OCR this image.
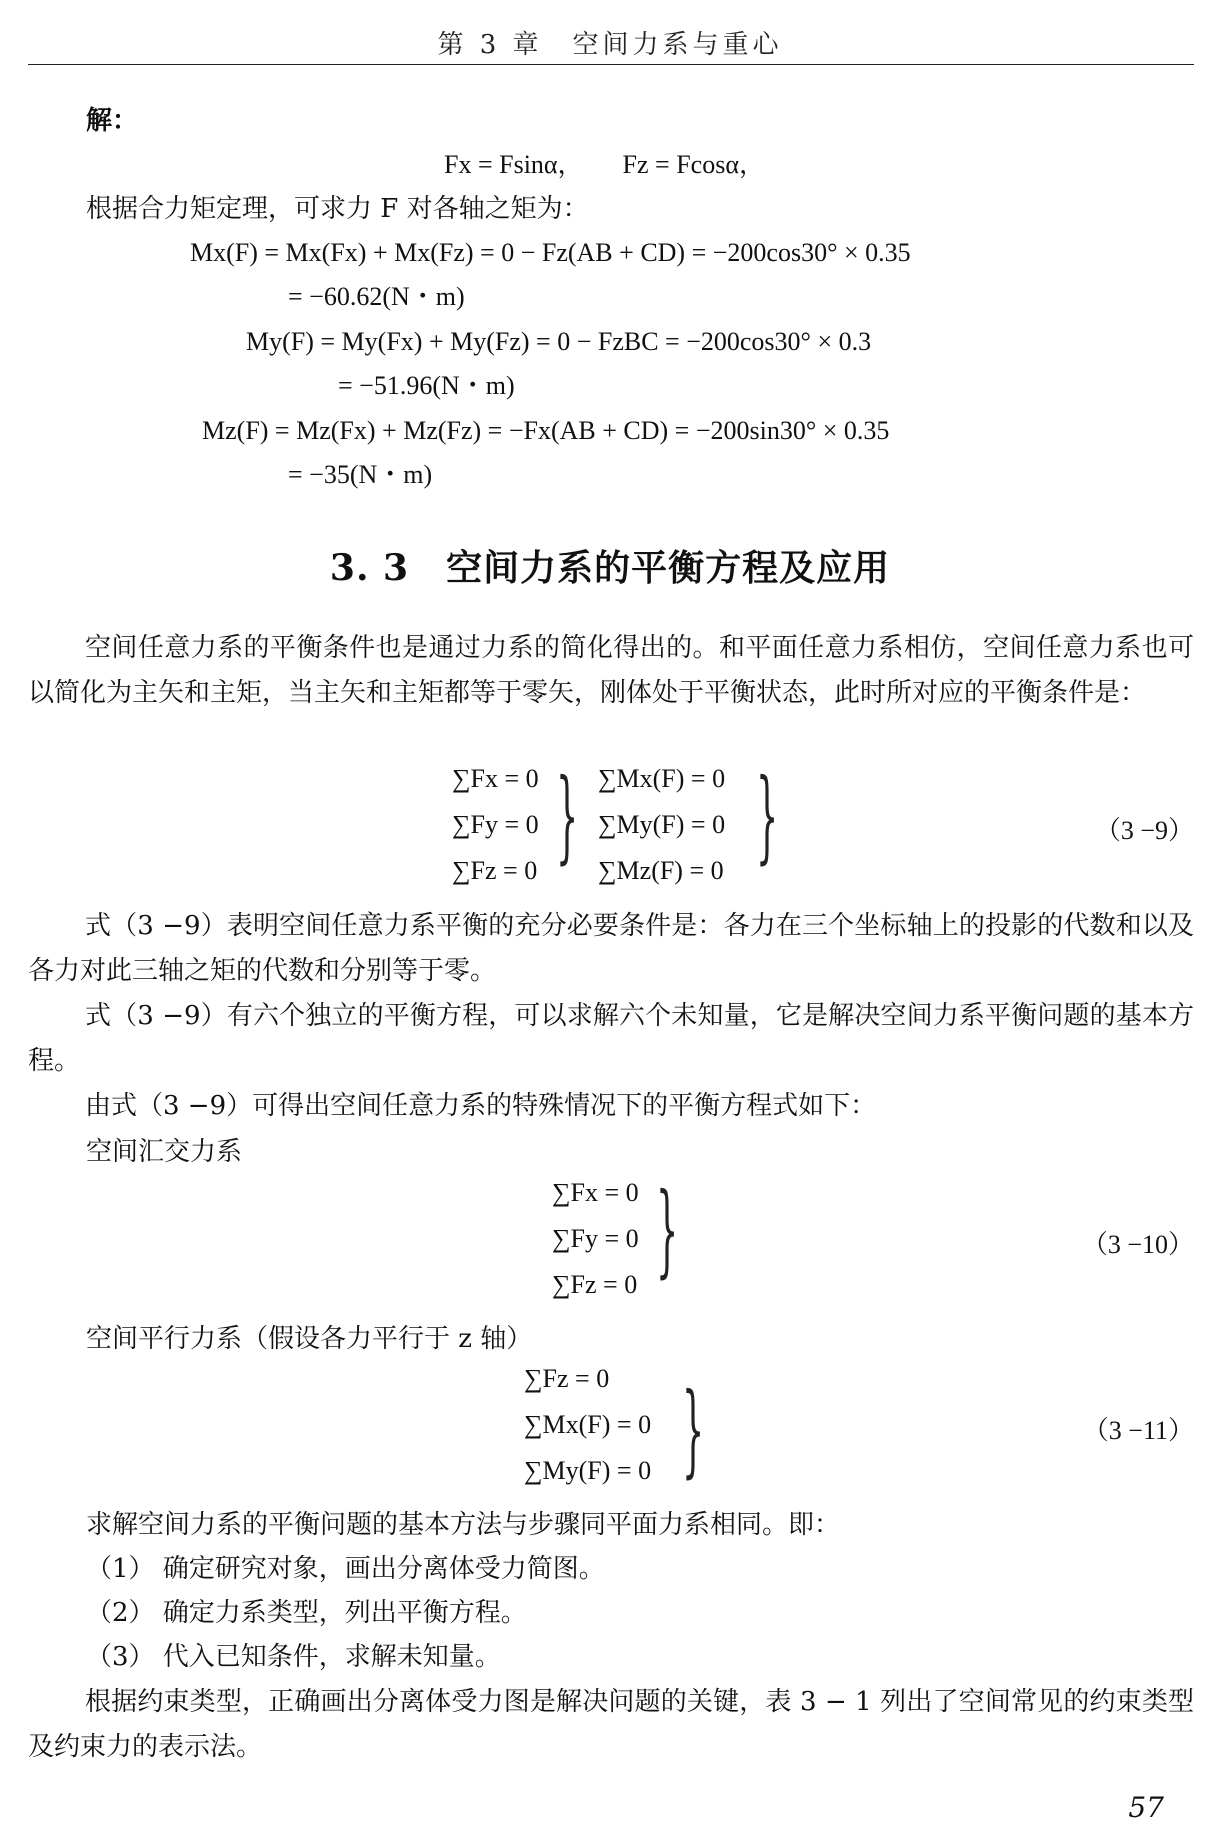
第 3 章　空间力系与重心
解：
Fx = Fsinα，　　Fz = Fcosα，
根据合力矩定理，可求力 F 对各轴之矩为：
Mx(F) = Mx(Fx) + Mx(Fz) = 0 − Fz(AB + CD) = −200cos30° × 0.35
= −60.62(N・m)
My(F) = My(Fx) + My(Fz) = 0 − FzBC = −200cos30° × 0.3
= −51.96(N・m)
Mz(F) = Mz(Fx) + Mz(Fz) = −Fx(AB + CD) = −200sin30° × 0.35
= −35(N・m)
3. 3　空间力系的平衡方程及应用

空间任意力系的平衡条件也是通过力系的简化得出的。和平面任意力系相仿，空间任意力系也可以简化为主矢和主矩，当主矢和主矩都等于零矢，刚体处于平衡状态，此时所对应的平衡条件是：

∑Fx = 0
∑Fy = 0
∑Fz = 0 } ∑Mx(F) = 0
∑My(F) = 0
∑Mz(F) = 0 }	（3 −9）

式（3 −9）表明空间任意力系平衡的充分必要条件是：各力在三个坐标轴上的投影的代数和以及各力对此三轴之矩的代数和分别等于零。

式（3 −9）有六个独立的平衡方程，可以求解六个未知量，它是解决空间力系平衡问题的基本方程。

由式（3 −9）可得出空间任意力系的特殊情况下的平衡方程式如下：

空间汇交力系
∑Fx = 0
∑Fy = 0
∑Fz = 0 }	（3 −10）
空间平行力系（假设各力平行于 z 轴）
∑Fz = 0
∑Mx(F) = 0
∑My(F) = 0 }	（3 −11）
求解空间力系的平衡问题的基本方法与步骤同平面力系相同。即：
（1） 确定研究对象，画出分离体受力简图。
（2） 确定力系类型，列出平衡方程。
（3） 代入已知条件，求解未知量。

根据约束类型，正确画出分离体受力图是解决问题的关键，表 3 − 1 列出了空间常见的约束类型及约束力的表示法。

57
